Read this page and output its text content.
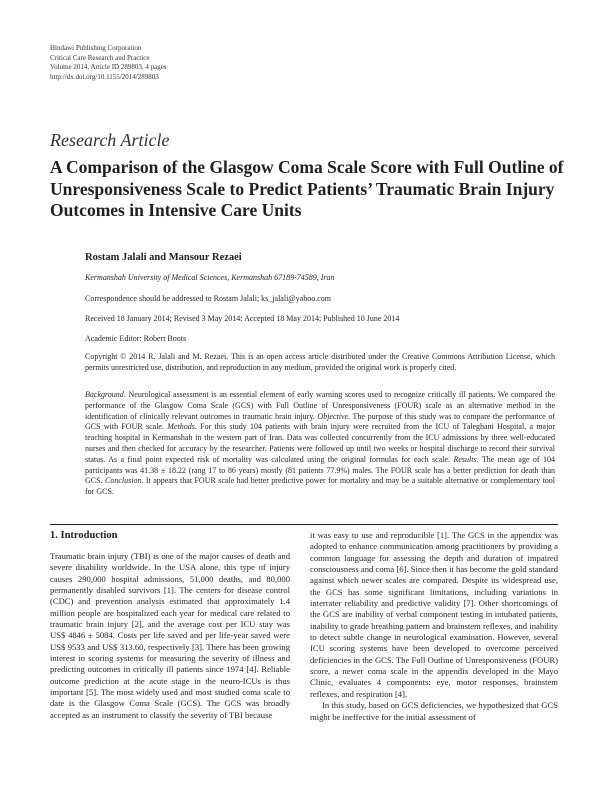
Hindawi Publishing Corporation
Critical Care Research and Practice
Volume 2014, Article ID 289803, 4 pages
http://dx.doi.org/10.1155/2014/289803
Research Article
A Comparison of the Glasgow Coma Scale Score with Full Outline of Unresponsiveness Scale to Predict Patients’ Traumatic Brain Injury Outcomes in Intensive Care Units

Rostam Jalali and Mansour Rezaei

Kermanshah University of Medical Sciences, Kermanshah 67189-74589, Iran

Correspondence should be addressed to Rostam Jalali; ks_jalali@yahoo.com

Received 18 January 2014; Revised 3 May 2014; Accepted 18 May 2014; Published 10 June 2014

Academic Editor: Robert Boots

Copyright © 2014 R. Jalali and M. Rezaei. This is an open access article distributed under the Creative Commons Attribution License, which permits unrestricted use, distribution, and reproduction in any medium, provided the original work is properly cited.

Background. Neurological assessment is an essential element of early warning scores used to recognize critically ill patients. We compared the performance of the Glasgow Coma Scale (GCS) with Full Outline of Unresponsiveness (FOUR) scale as an alternative method in the identification of clinically relevant outcomes in traumatic brain injury. Objective. The purpose of this study was to compare the performance of GCS with FOUR scale. Methods. For this study 104 patients with brain injury were recruited from the ICU of Taleghani Hospital, a major teaching hospital in Kermanshah in the western part of Iran. Data was collected concurrently from the ICU admissions by three well-educated nurses and then checked for accuracy by the researcher. Patients were followed up until two weeks or hospital discharge to record their survival status. As a final point expected risk of mortality was calculated using the original formulas for each scale. Results. The mean age of 104 participants was 41.38 ± 18.22 (rang 17 to 86 years) mostly (81 patients 77.9%) males. The FOUR scale has a better prediction for death than GCS. Conclusion. It appears that FOUR scale had better predictive power for mortality and may be a suitable alternative or complementary tool for GCS.

1. Introduction

Traumatic brain injury (TBI) is one of the major causes of death and severe disability worldwide. In the USA alone, this type of injury causes 290,000 hospital admissions, 51,000 deaths, and 80,000 permanently disabled survivors [1]. The centers for disease control (CDC) and prevention analysis estimated that approximately 1.4 million people are hospitalized each year for medical care related to traumatic brain injury [2], and the average cost per ICU stay was US$ 4846 ± 5084. Costs per life saved and per life-year saved were US$ 9533 and US$ 313.60, respectively [3]. There has been growing interest in scoring systems for measuring the severity of illness and predicting outcomes in critically ill patients since 1974 [4]. Reliable outcome prediction at the acute stage in the neuro-ICUs is thus important [5]. The most widely used and most studied coma scale to date is the Glasgow Coma Scale (GCS). The GCS was broadly accepted as an instrument to classify the severity of TBI because

it was easy to use and reproducible [1]. The GCS in the appendix was adopted to enhance communication among practitioners by providing a common language for assessing the depth and duration of impaired consciousness and coma [6]. Since then it has become the gold standard against which newer scales are compared. Despite its widespread use, the GCS has some significant limitations, including variations in interrater reliability and predictive validity [7]. Other shortcomings of the GCS are inability of verbal component testing in intubated patients, inability to grade breathing pattern and brainstem reflexes, and inability to detect subtle change in neurological examination. However, several ICU scoring systems have been developed to overcome perceived deficiencies in the GCS. The Full Outline of Unresponsiveness (FOUR) score, a newer coma scale in the appendix developed in the Mayo Clinic, evaluates 4 components: eye, motor responses, brainstem reflexes, and respiration [4].
In this study, based on GCS deficiencies, we hypothesized that GCS might be ineffective for the initial assessment of
